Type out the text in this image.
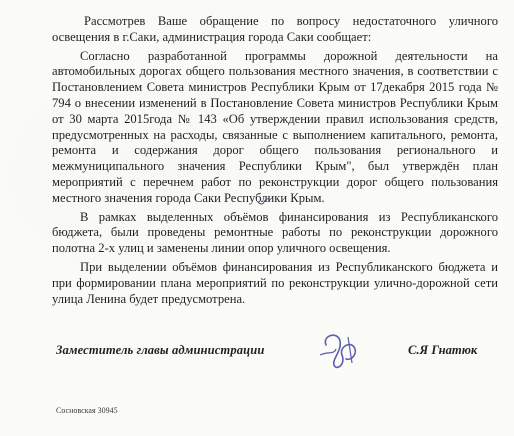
Рассмотрев Ваше обращение по вопросу недостаточного уличного освещения в г.Саки, администрация города Саки сообщает:

Согласно разработанной программы дорожной деятельности на автомобильных дорогах общего пользования местного значения, в соответствии с Постановлением Совета министров Республики Крым от 17декабря 2015 года № 794 о внесении изменений в Постановление Совета министров Республики Крым от 30 марта 2015года № 143 «Об утверждении правил использования средств, предусмотренных на расходы, связанные с выполнением капитального, ремонта, ремонта и содержания дорог общего пользования регионального и межмуниципального значения Республики Крым", был утверждён план мероприятий с перечнем работ по реконструкции дорог общего пользования местного значения города Саки Республики Крым.

В рамках выделенных объёмов финансирования из Республиканского бюджета, были проведены ремонтные работы по реконструкции дорожного полотна 2-х улиц и заменены линии опор уличного освещения.

При выделении объёмов финансирования из Республиканского бюджета и при формировании плана мероприятий по реконструкции улично-дорожной сети улица Ленина будет предусмотрена.

Заместитель главы администрации	С.Я Гнатюк
Сосновская 30945
